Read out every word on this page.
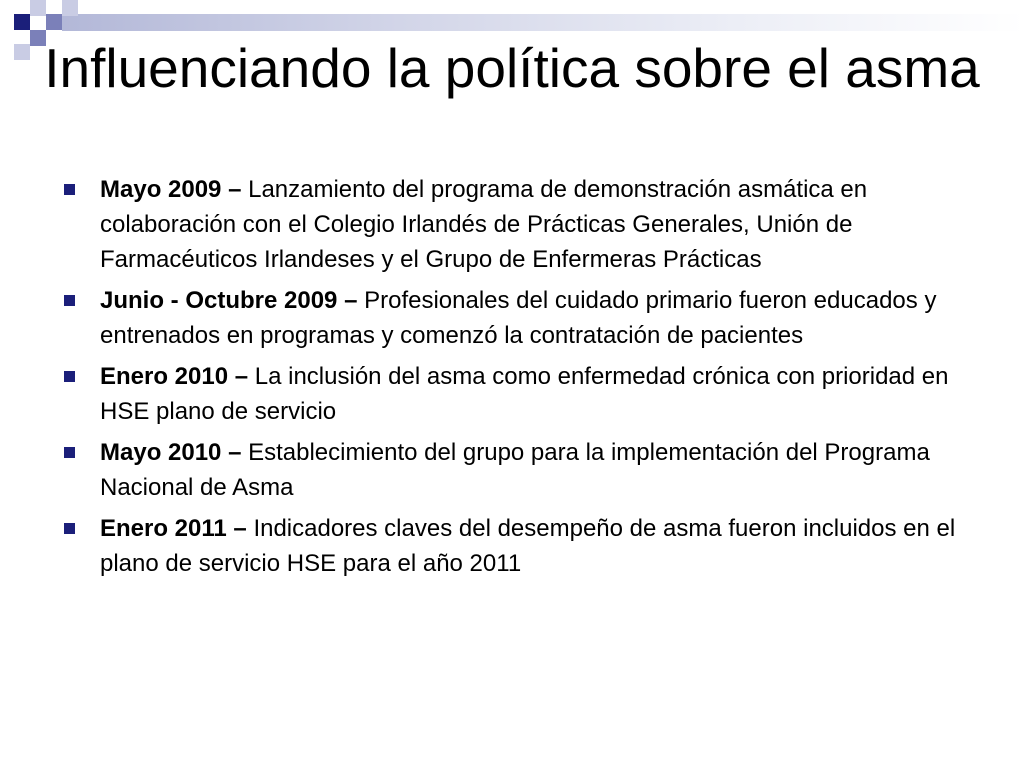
Influenciando la política sobre el asma
Mayo 2009 – Lanzamiento del programa de demonstración asmática en colaboración con el Colegio Irlandés de Prácticas Generales, Unión de Farmacéuticos Irlandeses y el Grupo de Enfermeras Prácticas
Junio - Octubre 2009 – Profesionales del cuidado primario fueron educados y entrenados en programas y comenzó la contratación de pacientes
Enero 2010 – La inclusión del asma como enfermedad crónica con prioridad en HSE plano de servicio
Mayo 2010 – Establecimiento del grupo para la implementación del Programa Nacional de Asma
Enero 2011 – Indicadores claves del desempeño de asma fueron incluidos en el plano de servicio HSE para el año 2011
